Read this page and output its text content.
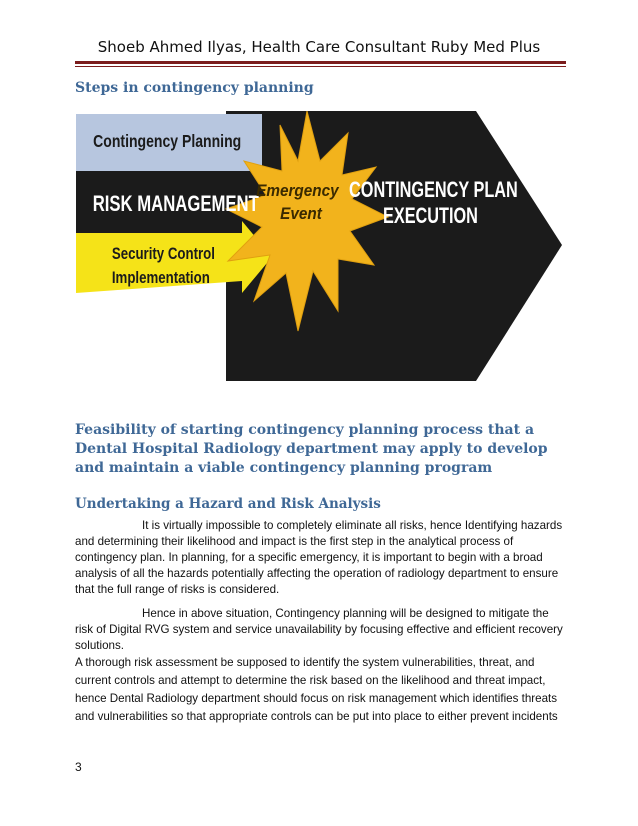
Shoeb Ahmed Ilyas, Health Care Consultant Ruby Med Plus
Steps in contingency planning
Contingency Planning
RISK MANAGEMENT
Security Control
Implementation
Emergency
Event
CONTINGENCY PLAN
EXECUTION
Feasibility of starting contingency planning process that a Dental Hospital Radiology department may apply to develop and maintain a viable contingency planning program
Undertaking a Hazard and Risk Analysis
It is virtually impossible to completely eliminate all risks, hence Identifying hazards and determining their likelihood and impact is the first step in the analytical process of contingency plan. In planning, for a specific emergency, it is important to begin with a broad analysis of all the hazards potentially affecting the operation of radiology department to ensure that the full range of risks is considered.
Hence in above situation, Contingency planning will be designed to mitigate the risk of Digital RVG system and service unavailability by focusing effective and efficient recovery solutions.
A thorough risk assessment be supposed to identify the system vulnerabilities, threat, and current controls and attempt to determine the risk based on the likelihood and threat impact, hence Dental Radiology department should focus on risk management which identifies threats and vulnerabilities so that appropriate controls can be put into place to either prevent incidents
3
